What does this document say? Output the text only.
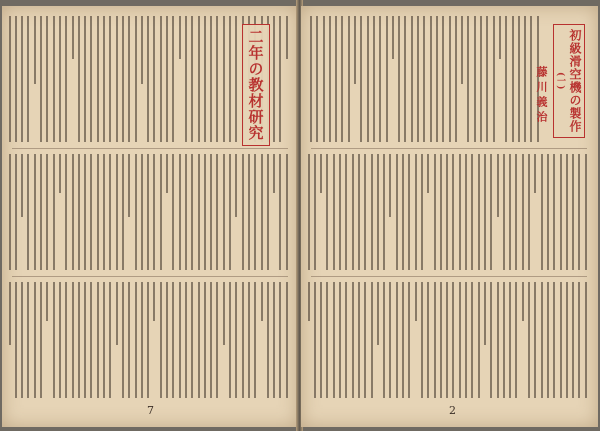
二年の教材研究
7
初級滑空機の製作
(一)
藤川義治
2
